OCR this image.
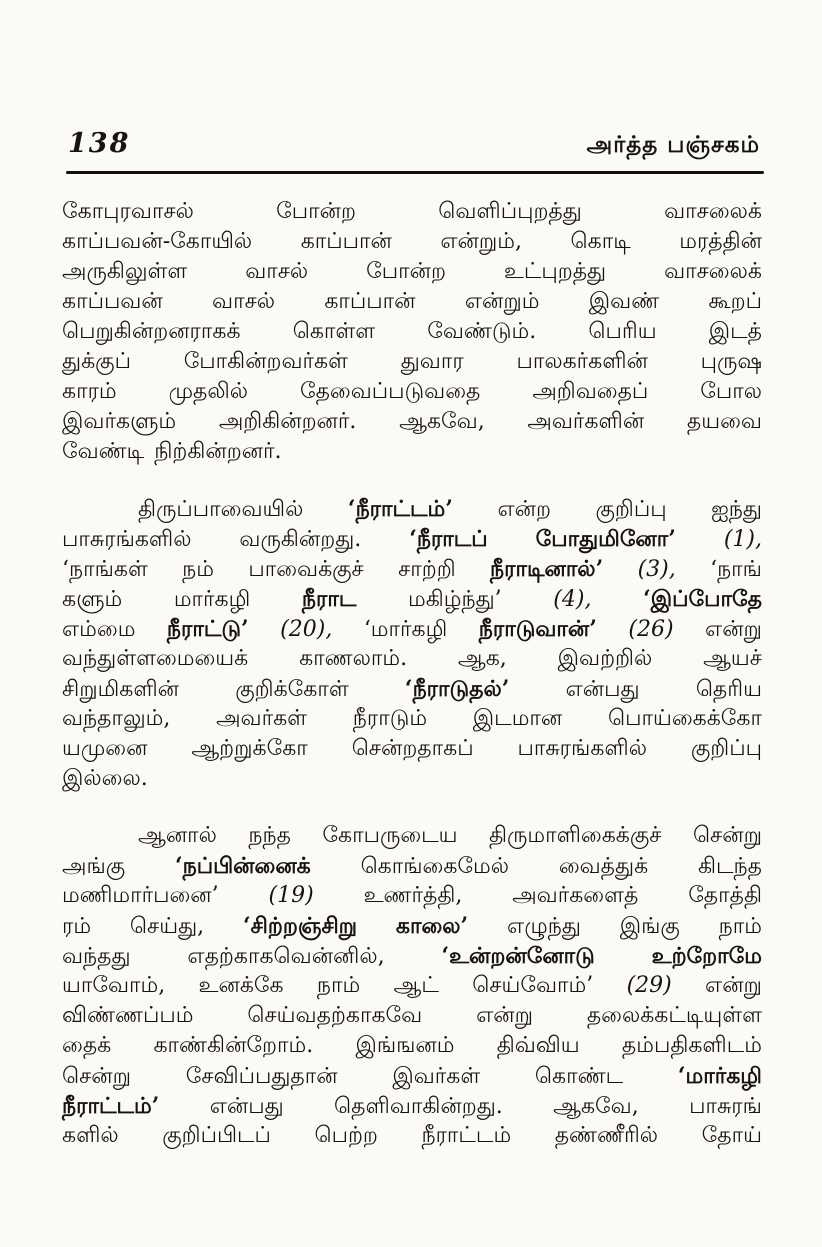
138	அர்த்த பஞ்சகம்
கோபுரவாசல்	போன்ற	வெளிப்புறத்து	வாசலைக்
காப்பவன்-கோயில் காப்பான் என்றும், கொடி மரத்தின்
அருகிலுள்ள	வாசல்	போன்ற	உட்புறத்து	வாசலைக்
காப்பவன் வாசல் காப்பான் என்றும் இவண் கூறப்
பெறுகின்றனராகக் கொள்ள வேண்டும். பெரிய இடத்
துக்குப் போகின்றவர்கள் துவார பாலகர்களின் புருஷ
காரம் முதலில் தேவைப்படுவதை அறிவதைப் போல
இவர்களும் அறிகின்றனர். ஆகவே, அவர்களின் தயவை
வேண்டி நிற்கின்றனர்.
திருப்பாவையில் ‘நீராட்டம்’ என்ற குறிப்பு ஐந்து
பாசுரங்களில் வருகின்றது. ‘நீராடப் போதுமினோ’ (1),
‘நாங்கள் நம் பாவைக்குச் சாற்றி நீராடினால்’ (3), ‘நாங்
களும் மார்கழி நீராட மகிழ்ந்து’ (4), ‘இப்போதே
எம்மை நீராட்டு’ (20), ‘மார்கழி நீராடுவான்’ (26) என்று
வந்துள்ளமையைக் காணலாம். ஆக, இவற்றில் ஆயச்
சிறுமிகளின்	குறிக்கோள்	‘நீராடுதல்’	என்பது	தெரிய
வந்தாலும், அவர்கள் நீராடும் இடமான பொய்கைக்கோ
யமுனை ஆற்றுக்கோ சென்றதாகப் பாசுரங்களில் குறிப்பு
இல்லை.
ஆனால் நந்த கோபருடைய திருமாளிகைக்குச் சென்று
அங்கு ‘நப்பின்னைக் கொங்கைமேல் வைத்துக் கிடந்த
மணிமார்பனை’ (19) உணர்த்தி, அவர்களைத் தோத்தி
ரம் செய்து, ‘சிற்றஞ்சிறு காலை’ எழுந்து இங்கு நாம்
வந்தது	எதற்காகவென்னில்,	‘உன்றன்னோடு	உற்றோமே
யாவோம், உனக்கே நாம் ஆட் செய்வோம்’ (29) என்று
விண்ணப்பம் செய்வதற்காகவே என்று தலைக்கட்டியுள்ள
தைக் காண்கின்றோம். இங்ஙனம் திவ்விய தம்பதிகளிடம்
சென்று சேவிப்பதுதான் இவர்கள் கொண்ட ‘மார்கழி
நீராட்டம்’ என்பது தெளிவாகின்றது. ஆகவே, பாசுரங்
களில் குறிப்பிடப் பெற்ற நீராட்டம் தண்ணீரில் தோய்
